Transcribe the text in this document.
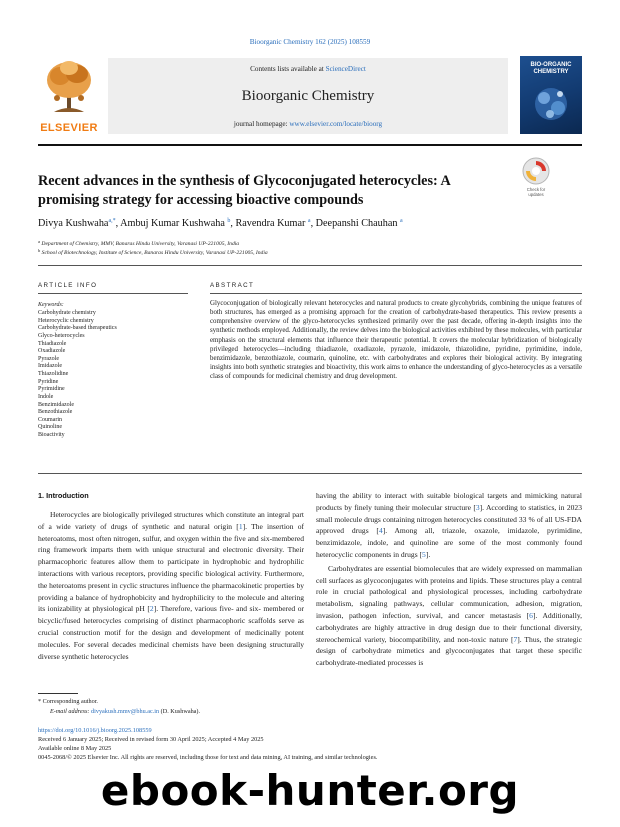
Bioorganic Chemistry 162 (2025) 108559
ELSEVIER
Contents lists available at ScienceDirect
Bioorganic Chemistry
journal homepage: www.elsevier.com/locate/bioorg
BIO-ORGANIC
CHEMISTRY
Recent advances in the synthesis of Glycoconjugated heterocycles: A promising strategy for accessing bioactive compounds
Check for
updates
Divya Kushwaha$^{a,*}$, Ambuj Kumar Kushwaha $^b$, Ravendra Kumar $^a$, Deepanshi Chauhan $^a$
$^a$ Department of Chemistry, MMV, Banaras Hindu University, Varanasi UP-221005, India
$^b$ School of Biotechnology, Institute of Science, Banaras Hindu University, Varanasi UP-221005, India
ARTICLE INFO	ABSTRACT
Keywords:
Carbohydrate chemistry
Heterocyclic chemistry
Carbohydrate-based therapeutics
Glyco-heterocycles
Thiadiazole
Oxadiazole
Pyrazole
Imidazole
Thiazolidine
Pyridine
Pyrimidine
Indole
Benzimidazole
Benzothiazole
Coumarin
Quinoline
Bioactivity

Glycoconjugation of biologically relevant heterocycles and natural products to create glycohybrids, combining the unique features of both structures, has emerged as a promising approach for the creation of carbohydrate-based therapeutics. This review presents a comprehensive overview of the glyco-heterocycles synthesized primarily over the past decade, offering in-depth insights into the synthetic methods employed. Additionally, the review delves into the biological activities exhibited by these molecules, with particular emphasis on the structural elements that influence their therapeutic potential. It covers the molecular hybridization of biologically privileged heterocycles—including thiadiazole, oxadiazole, pyrazole, imidazole, thiazolidine, pyridine, pyrimidine, indole, benzimidazole, benzothiazole, coumarin, quinoline, etc. with carbohydrates and explores their biological activity. By integrating insights into both synthetic strategies and bioactivity, this work aims to enhance the understanding of glyco-heterocycles as a versatile class of compounds for medicinal chemistry and drug development.

1. Introduction

Heterocycles are biologically privileged structures which constitute an integral part of a wide variety of drugs of synthetic and natural origin [1]. The insertion of heteroatoms, most often nitrogen, sulfur, and oxygen within the five and six-membered ring framework imparts them with unique structural and electronic diversity. Their pharmacophoric features allow them to participate in hydrophobic and hydrophilic interactions with various receptors, providing specific biological activity. Furthermore, the heteroatoms present in cyclic structures influence the pharmacokinetic properties by providing a balance of hydrophobicity and hydrophilicity to the molecule and altering its ionizability at physiological pH [2]. Therefore, various five- and six- membered or bicyclic/fused heterocycles comprising of distinct pharmacophoric scaffolds serve as crucial construction motif for the design and development of medicinally potent molecules. For several decades medicinal chemists have been designing structurally diverse synthetic heterocycles

having the ability to interact with suitable biological targets and mimicking natural products by finely tuning their molecular structure [3]. According to statistics, in 2023 small molecule drugs containing nitrogen heterocycles constituted 33 % of all US-FDA approved drugs [4]. Among all, triazole, oxazole, imidazole, pyrimidine, benzimidazole, indole, and quinoline are some of the most commonly found heterocyclic components in drugs [5].

Carbohydrates are essential biomolecules that are widely expressed on mammalian cell surfaces as glycoconjugates with proteins and lipids. These structures play a central role in crucial pathological and physiological processes, including carbohydrate metabolism, signaling pathways, cellular communication, adhesion, migration, invasion, pathogen infection, survival, and cancer metastasis [6]. Additionally, carbohydrates are highly attractive in drug design due to their functional diversity, stereochemical variety, biocompatibility, and non-toxic nature [7]. Thus, the strategic design of carbohydrate mimetics and glycoconjugates that target these specific carbohydrate-mediated processes is

* Corresponding author.
E-mail address: divyakush.mmv@bhu.ac.in (D. Kushwaha).
https://doi.org/10.1016/j.bioorg.2025.108559
Received 6 January 2025; Received in revised form 30 April 2025; Accepted 4 May 2025
Available online 8 May 2025
0045-2068/© 2025 Elsevier Inc. All rights are reserved, including those for text and data mining, AI training, and similar technologies.
ebook-hunter.org
